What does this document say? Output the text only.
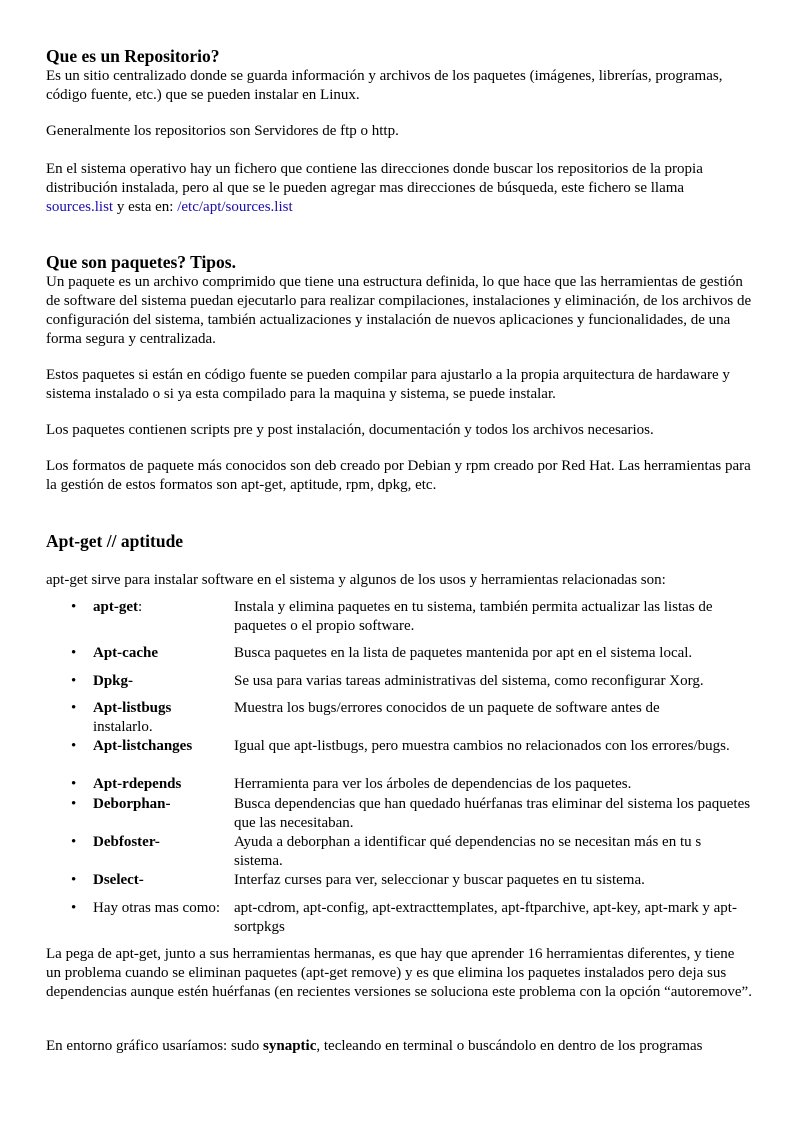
Que es un Repositorio?

Es un sitio centralizado donde se guarda información y archivos de los paquetes (imágenes, librerías, programas, código fuente, etc.) que se pueden instalar en Linux.

Generalmente los repositorios son Servidores de ftp o http.

En el sistema operativo hay un fichero que contiene las direcciones donde buscar los repositorios de la propia distribución instalada, pero al que se le pueden agregar mas direcciones de búsqueda, este fichero se llama sources.list y esta en: /etc/apt/sources.list

Que son paquetes? Tipos.

Un paquete es un archivo comprimido que tiene una estructura definida, lo que hace que las herramientas de gestión de software del sistema puedan ejecutarlo para realizar compilaciones, instalaciones y eliminación, de los archivos de configuración del sistema, también actualizaciones y instalación de nuevos aplicaciones y funcionalidades, de una forma segura y centralizada.

Estos paquetes si están en código fuente se pueden compilar para ajustarlo a la propia arquitectura de hardaware y sistema instalado o si ya esta compilado para la maquina y sistema, se puede instalar.

Los paquetes contienen scripts pre y post instalación, documentación y todos los archivos necesarios.

Los formatos de paquete más conocidos son deb creado por Debian y rpm creado por Red Hat. Las herramientas para la gestión de estos formatos son apt-get, aptitude, rpm, dpkg, etc.

Apt-get // aptitude

apt-get sirve para instalar software en el sistema y algunos de los usos y herramientas relacionadas son:

• apt-get:	Instala y elimina paquetes en tu sistema, también permita actualizar las listas de paquetes o el propio software.
• Apt-cache	Busca paquetes en la lista de paquetes mantenida por apt en el sistema local.
• Dpkg-	Se usa para varias tareas administrativas del sistema, como reconfigurar Xorg.
• Apt-listbugs	Muestra los bugs/errores conocidos de un paquete de software antes de
instalarlo.
• Apt-listchanges	Igual que apt-listbugs, pero muestra cambios no relacionados con los errores/bugs.
• Apt-rdepends	Herramienta para ver los árboles de dependencias de los paquetes.
• Deborphan-	Busca dependencias que han quedado huérfanas tras eliminar del sistema los paquetes que las necesitaban.
• Debfoster-	Ayuda a deborphan a identificar qué dependencias no se necesitan más en tu s sistema.
• Dselect-	Interfaz curses para ver, seleccionar y buscar paquetes en tu sistema.
• Hay otras mas como: apt-cdrom, apt-config, apt-extracttemplates, apt-ftparchive, apt-key, apt-mark y apt-sortpkgs

La pega de apt-get, junto a sus herramientas hermanas, es que hay que aprender 16 herramientas diferentes, y tiene un problema cuando se eliminan paquetes (apt-get remove) y es que elimina los paquetes instalados pero deja sus dependencias aunque estén huérfanas (en recientes versiones se soluciona este problema con la opción “autoremove”.

En entorno gráfico usaríamos: sudo synaptic, tecleando en terminal o buscándolo en dentro de los programas
